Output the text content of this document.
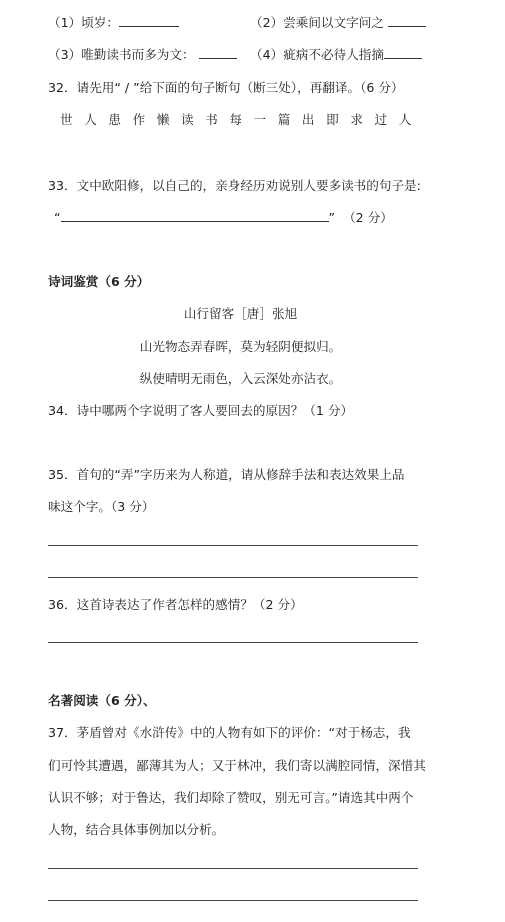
（1）顷岁：	（2）尝乘间以文字问之
（3）唯勤读书而多为文：	（4）疵病不必待人指摘
32．请先用“ / ”给下面的句子断句（断三处），再翻译。（6 分）
世人患作懒读书每一篇出即求过人
33．文中欧阳修，以自己的，亲身经历劝说别人要多读书的句子是:
“	” （2 分）
诗词鉴赏（6 分）
山行留客［唐］张旭
山光物态弄春晖，莫为轻阴便拟归。
纵使晴明无雨色，入云深处亦沾衣。
34．诗中哪两个字说明了客人要回去的原因？（1 分）
35．首句的“弄”字历来为人称道，请从修辞手法和表达效果上品
味这个字。（3 分）
36．这首诗表达了作者怎样的感情？（2 分）
名著阅读（6 分）、
37．茅盾曾对《水浒传》中的人物有如下的评价：“对于杨志，我
们可怜其遭遇，鄙薄其为人；又于林冲，我们寄以满腔同情，深惜其
认识不够；对于鲁达，我们却除了赞叹，别无可言。”请选其中两个
人物，结合具体事例加以分析。
